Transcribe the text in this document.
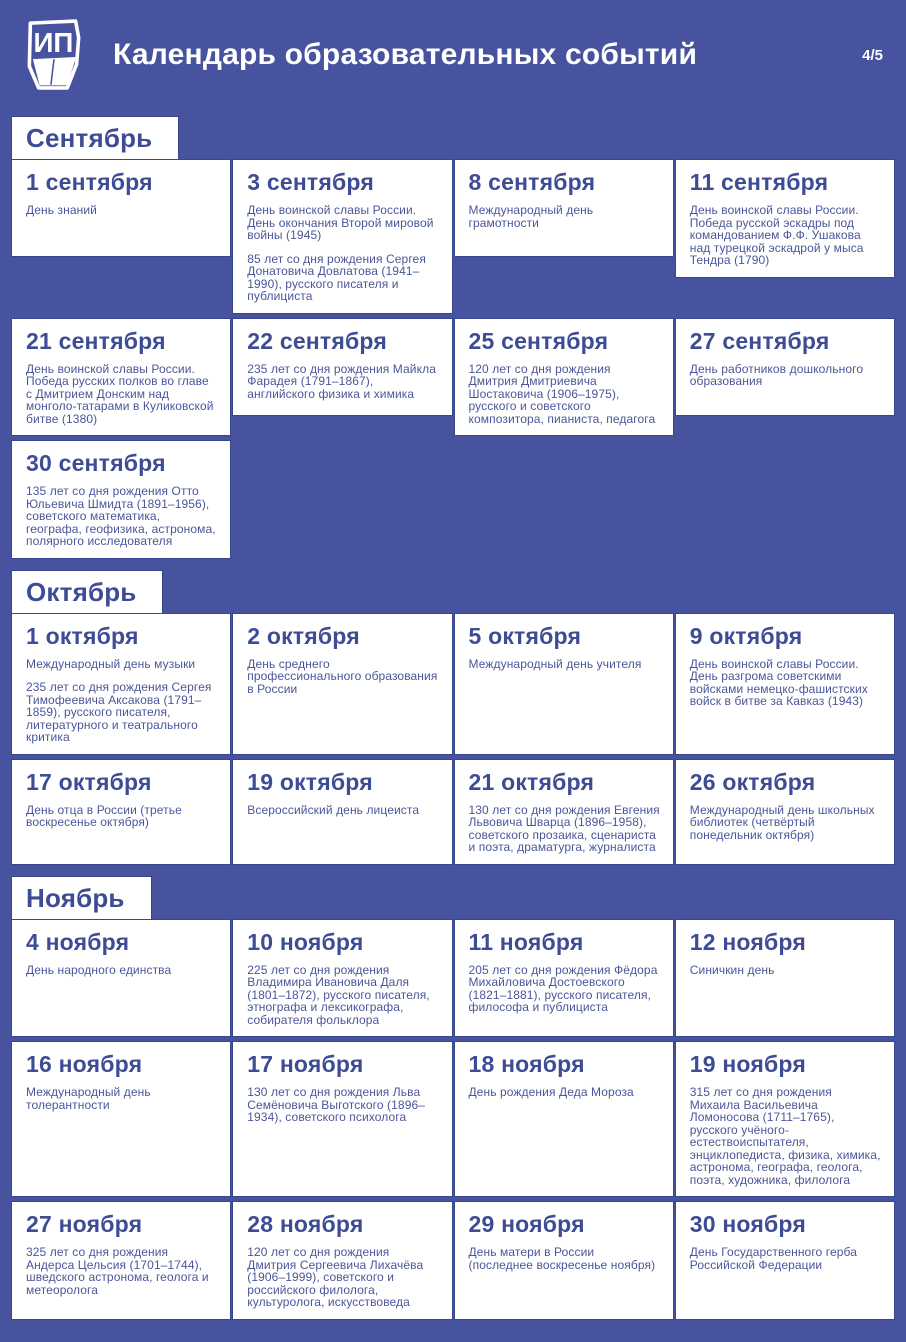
ИП Календарь образовательных событий	4/5
Сентябрь
1 сентября

День знаний

3 сентября

День воинской славы России. День окончания Второй мировой войны (1945)

85 лет со дня рождения Сергея Донатовича Довлатова (1941–1990), русского писателя и публициста

8 сентября

Международный день грамотности

11 сентября

День воинской славы России. Победа русской эскадры под командованием Ф.Ф. Ушакова над турецкой эскадрой у мыса Тендра (1790)

21 сентября

День воинской славы России. Победа русских полков во главе с Дмитрием Донским над монголо-татарами в Куликовской битве (1380)

22 сентября

235 лет со дня рождения Майкла Фарадея (1791–1867), английского физика и химика

25 сентября

120 лет со дня рождения Дмитрия Дмитриевича Шостаковича (1906–1975), русского и советского композитора, пианиста, педагога

27 сентября

День работников дошкольного образования

30 сентября

135 лет со дня рождения Отто Юльевича Шмидта (1891–1956), советского математика, географа, геофизика, астронома, полярного исследователя

Октябрь
1 октября

Международный день музыки

235 лет со дня рождения Сергея Тимофеевича Аксакова (1791–1859), русского писателя, литературного и театрального критика

2 октября

День среднего профессионального образования в России

5 октября

Международный день учителя

9 октября

День воинской славы России. День разгрома советскими войсками немецко-фашистских войск в битве за Кавказ (1943)

17 октября

День отца в России (третье воскресенье октября)

19 октября

Всероссийский день лицеиста

21 октября

130 лет со дня рождения Евгения Львовича Шварца (1896–1958), советского прозаика, сценариста и поэта, драматурга, журналиста

26 октября

Международный день школьных библиотек (четвёртый понедельник октября)

Ноябрь
4 ноября

День народного единства

10 ноября

225 лет со дня рождения Владимира Ивановича Даля (1801–1872), русского писателя, этнографа и лексикографа, собирателя фольклора

11 ноября

205 лет со дня рождения Фёдора Михайловича Достоевского (1821–1881), русского писателя, философа и публициста

12 ноября

Синичкин день

16 ноября

Международный день толерантности

17 ноября

130 лет со дня рождения Льва Семёновича Выготского (1896–1934), советского психолога

18 ноября

День рождения Деда Мороза

19 ноября

315 лет со дня рождения Михаила Васильевича Ломоносова (1711–1765), русского учёного-естествоиспытателя, энциклопедиста, физика, химика, астронома, географа, геолога, поэта, художника, филолога

27 ноября

325 лет со дня рождения Андерса Цельсия (1701–1744), шведского астронома, геолога и метеоролога

28 ноября

120 лет со дня рождения Дмитрия Сергеевича Лихачёва (1906–1999), советского и российского филолога, культуролога, искусствоведа

29 ноября

День матери в России (последнее воскресенье ноября)

30 ноября

День Государственного герба Российской Федерации
